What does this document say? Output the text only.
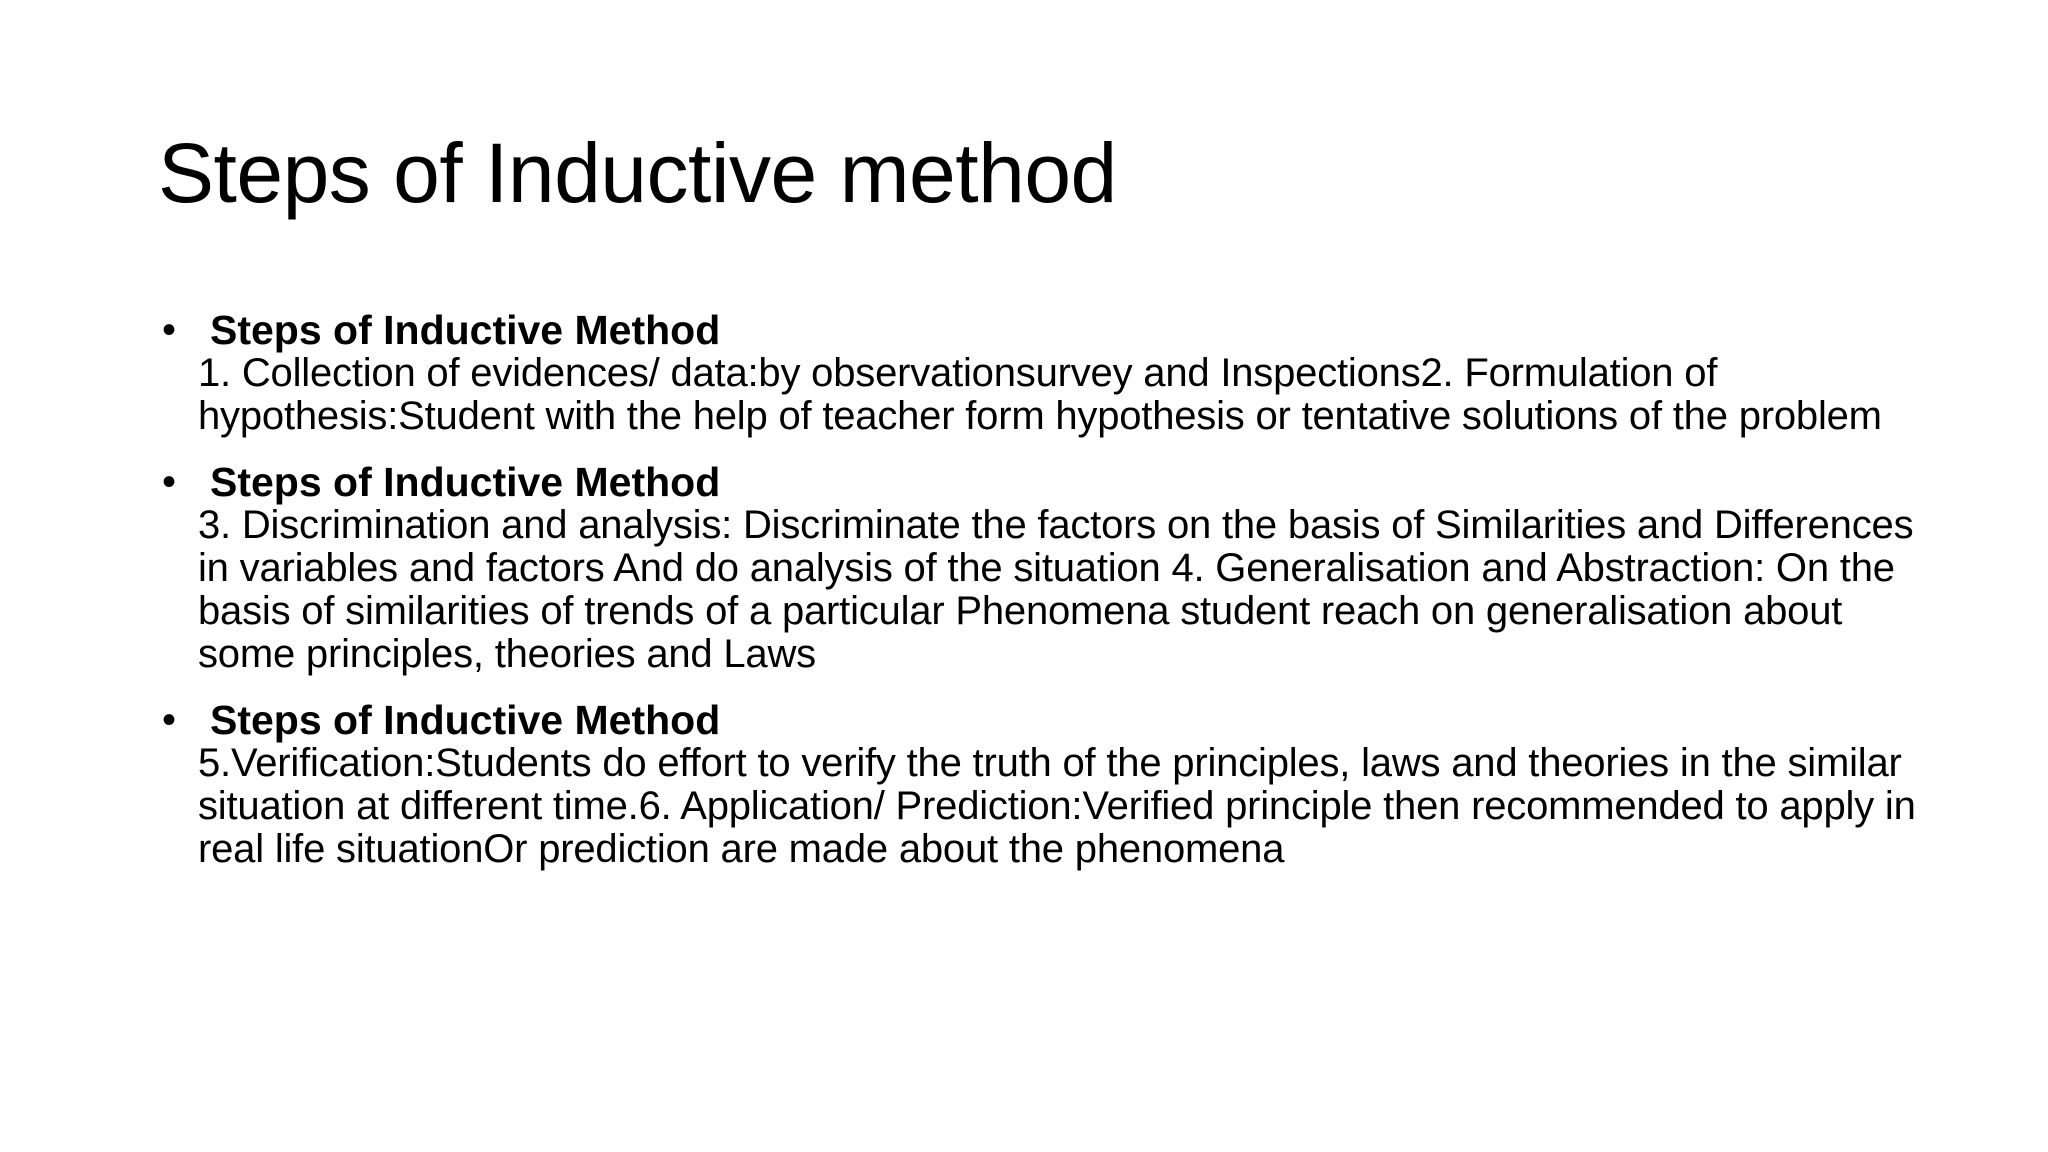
Steps of Inductive method
• Steps of Inductive Method
1. Collection of evidences/ data:by observationsurvey and Inspections2. Formulation of hypothesis:Student with the help of teacher form hypothesis or tentative solutions of the problem
• Steps of Inductive Method
3. Discrimination and analysis: Discriminate the factors on the basis of Similarities and Differences in variables and factors And do analysis of the situation 4. Generalisation and Abstraction: On the basis of similarities of trends of a particular Phenomena student reach on generalisation about some principles, theories and Laws
• Steps of Inductive Method
5.Verification:Students do effort to verify the truth of the principles, laws and theories in the similar situation at different time.6. Application/ Prediction:Verified principle then recommended to apply in real life situationOr prediction are made about the phenomena
